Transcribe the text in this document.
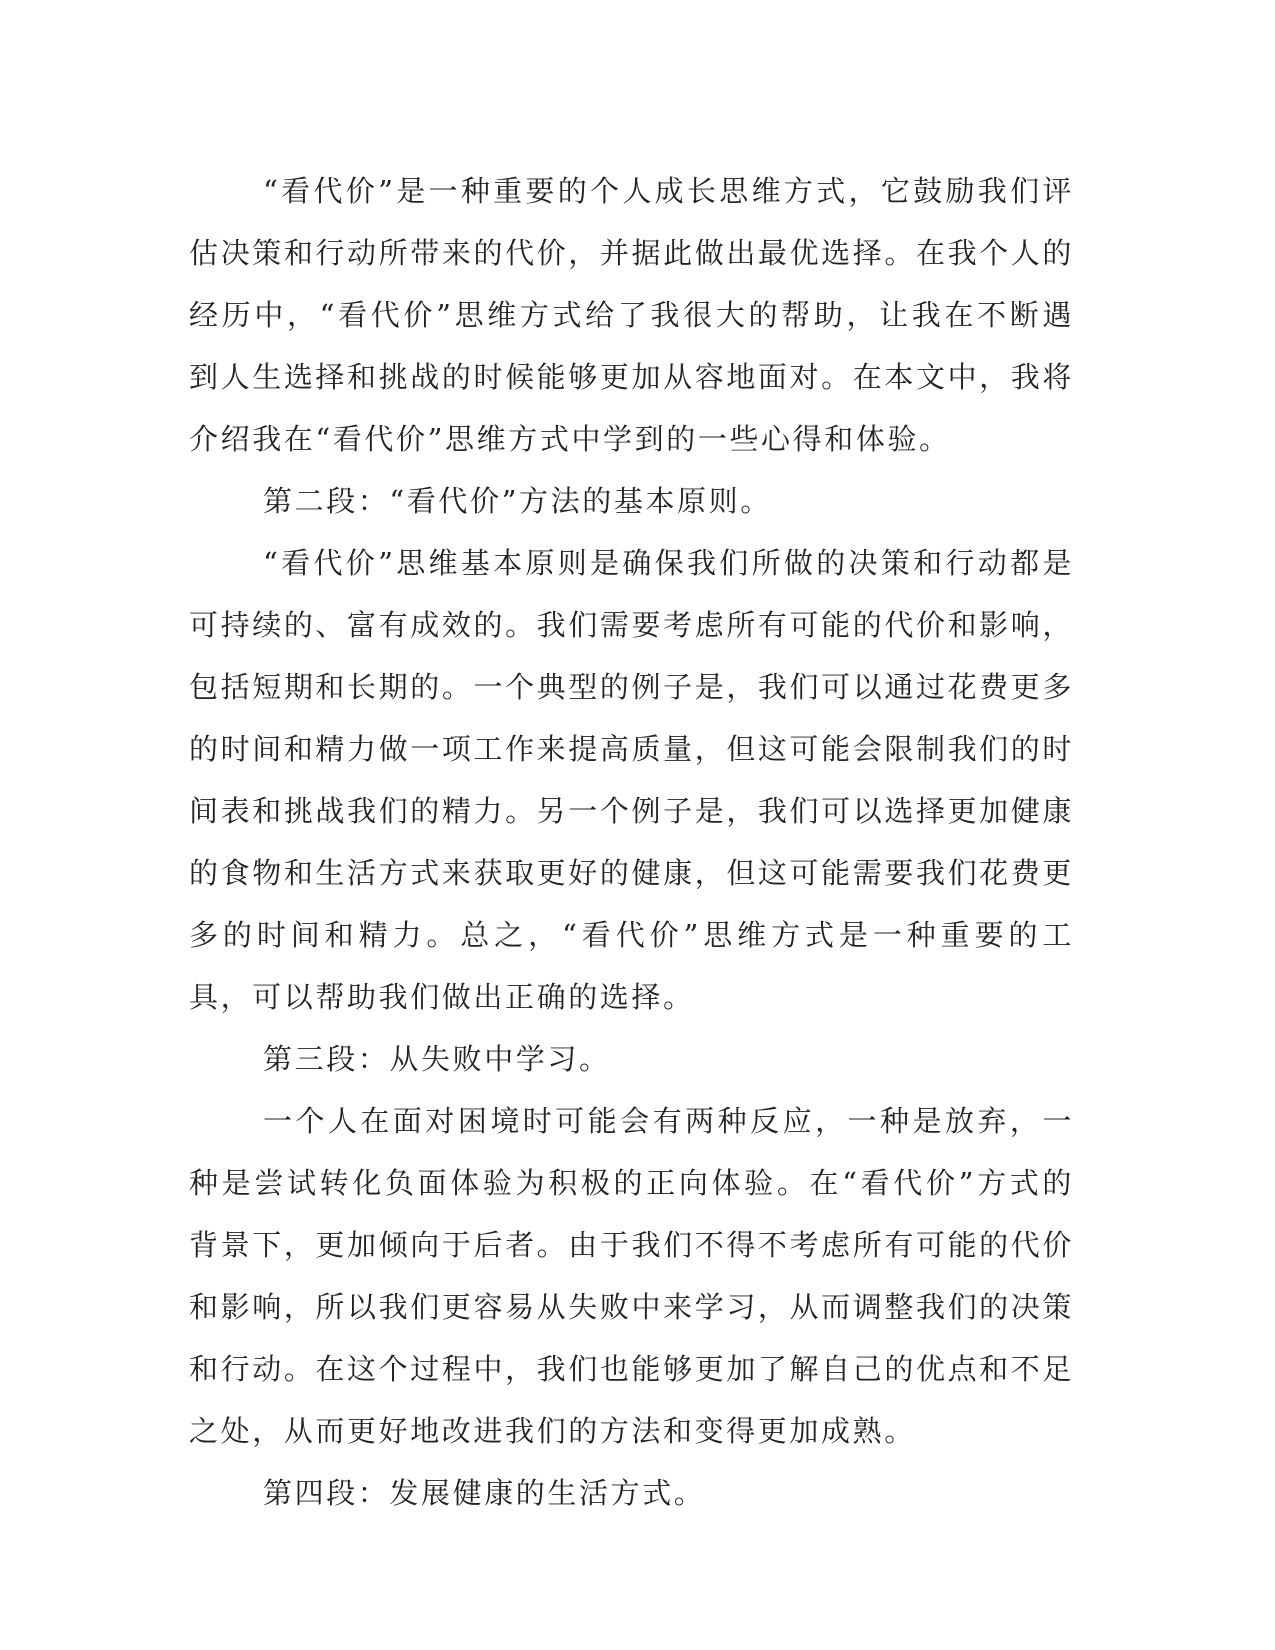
“看代价”是一种重要的个人成长思维方式，它鼓励我们评估决策和行动所带来的代价，并据此做出最优选择。在我个人的经历中，“看代价”思维方式给了我很大的帮助，让我在不断遇到人生选择和挑战的时候能够更加从容地面对。在本文中，我将介绍我在“看代价”思维方式中学到的一些心得和体验。

第二段：“看代价”方法的基本原则。

“看代价”思维基本原则是确保我们所做的决策和行动都是可持续的、富有成效的。我们需要考虑所有可能的代价和影响，包括短期和长期的。一个典型的例子是，我们可以通过花费更多的时间和精力做一项工作来提高质量，但这可能会限制我们的时间表和挑战我们的精力。另一个例子是，我们可以选择更加健康的食物和生活方式来获取更好的健康，但这可能需要我们花费更多的时间和精力。总之，“看代价”思维方式是一种重要的工具，可以帮助我们做出正确的选择。

第三段：从失败中学习。

一个人在面对困境时可能会有两种反应，一种是放弃，一种是尝试转化负面体验为积极的正向体验。在“看代价”方式的背景下，更加倾向于后者。由于我们不得不考虑所有可能的代价和影响，所以我们更容易从失败中来学习，从而调整我们的决策和行动。在这个过程中，我们也能够更加了解自己的优点和不足之处，从而更好地改进我们的方法和变得更加成熟。

第四段：发展健康的生活方式。
